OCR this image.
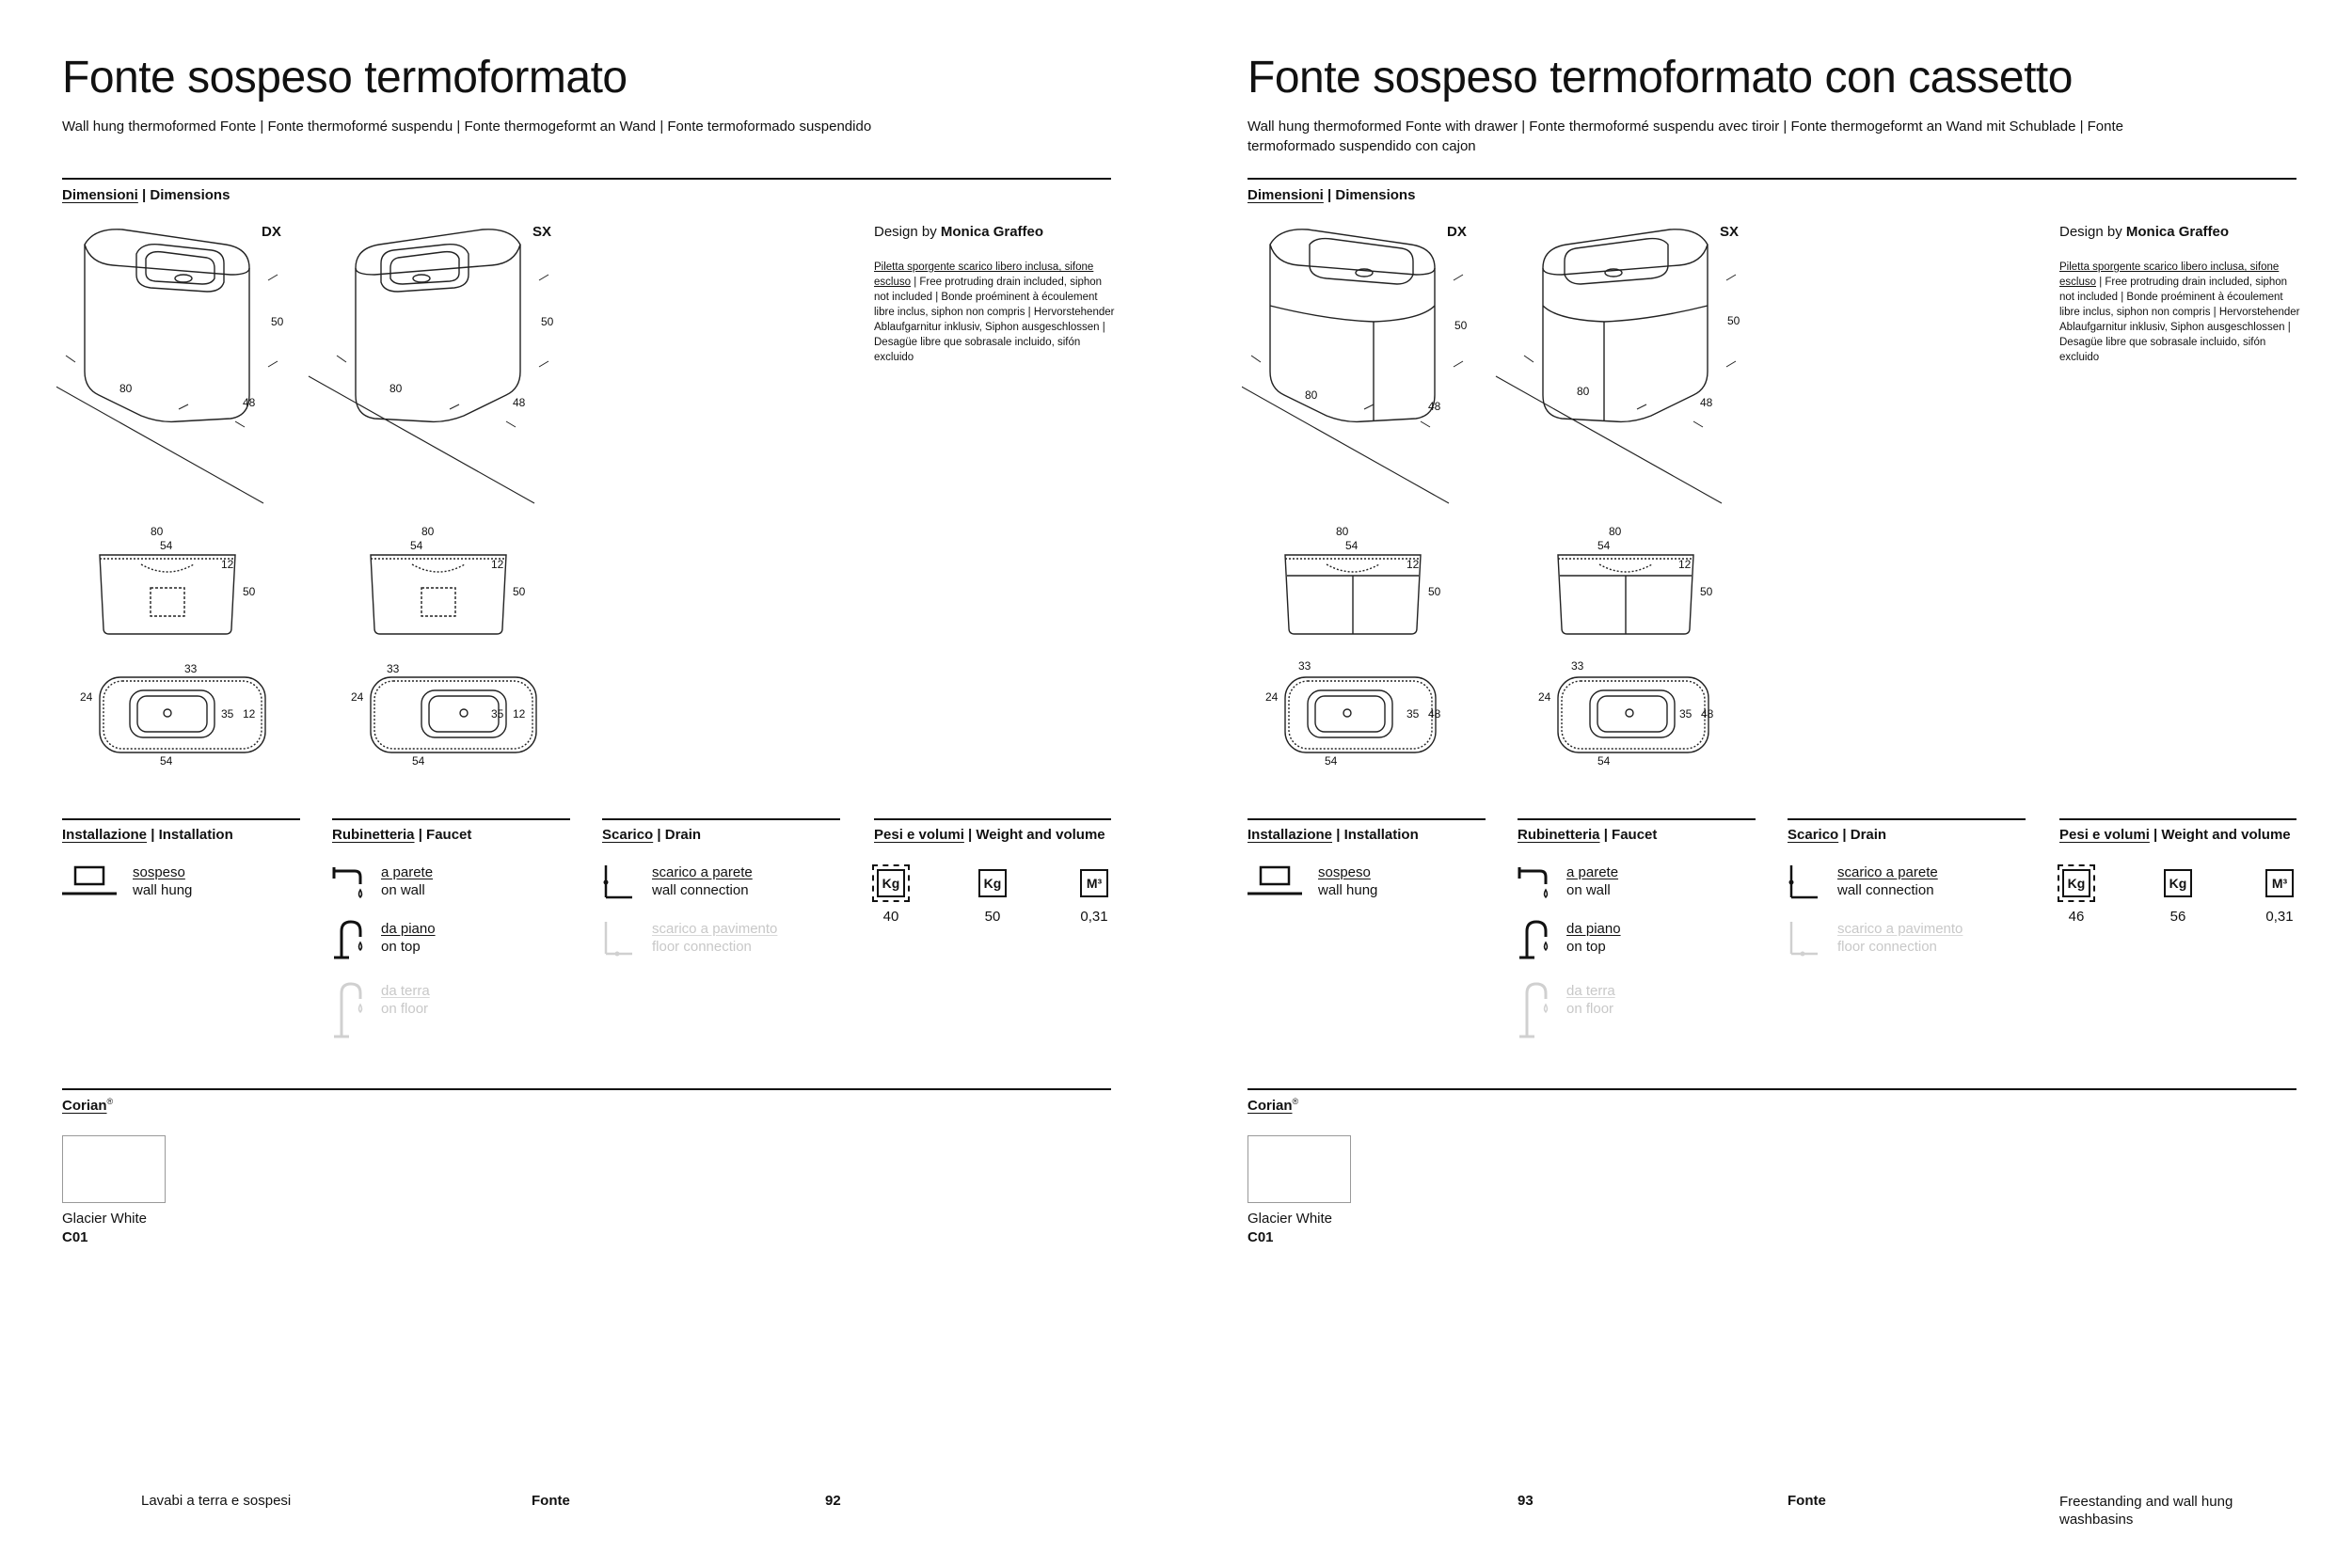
Fonte sospeso termoformato
Wall hung thermoformed Fonte | Fonte thermoformé suspendu | Fonte thermogeformt an Wand | Fonte termoformado suspendido
Dimensioni | Dimensions
DX	SX
50
80
48
50
80
48
80
54
12
50
80
54
12
50
33
24
35 12
54
33
24
35 12
54
Design by Monica Graffeo
Piletta sporgente scarico libero inclusa, sifone escluso | Free protruding drain included, siphon not included | Bonde proéminent à écoulement libre inclus, siphon non compris | Hervorstehender Ablaufgarnitur inklusiv, Siphon ausgeschlossen | Desagüe libre que sobrasale incluido, sifón excluido
Installazione | Installation
sospeso
wall hung
Rubinetteria | Faucet
a parete
on wall
da piano
on top
da terra
on floor
Scarico | Drain
scarico a parete
wall connection
scarico a pavimento
floor connection
Pesi e volumi | Weight and volume
Kg	Kg	M³
40	50	0,31
Corian®
Glacier White
C01
Lavabi a terra e sospesi	Fonte	92
Fonte sospeso termoformato con cassetto
Wall hung thermoformed Fonte with drawer | Fonte thermoformé suspendu avec tiroir | Fonte thermogeformt an Wand mit Schublade | Fonte termoformado suspendido con cajon
Dimensioni | Dimensions
DX	SX
50
80
48
50
80
48
80
54
12
50
80
54
12
50
33
24
35 48
54
33
24
35 48
54
Design by Monica Graffeo
Piletta sporgente scarico libero inclusa, sifone escluso | Free protruding drain included, siphon not included | Bonde proéminent à écoulement libre inclus, siphon non compris | Hervorstehender Ablaufgarnitur inklusiv, Siphon ausgeschlossen | Desagüe libre que sobrasale incluido, sifón excluido
Installazione | Installation
sospeso
wall hung
Rubinetteria | Faucet
a parete
on wall
da piano
on top
da terra
on floor
Scarico | Drain
scarico a parete
wall connection
scarico a pavimento
floor connection
Pesi e volumi | Weight and volume
Kg	Kg	M³
46	56	0,31
Corian®
Glacier White
C01
93	Fonte	Freestanding and wall hung washbasins
